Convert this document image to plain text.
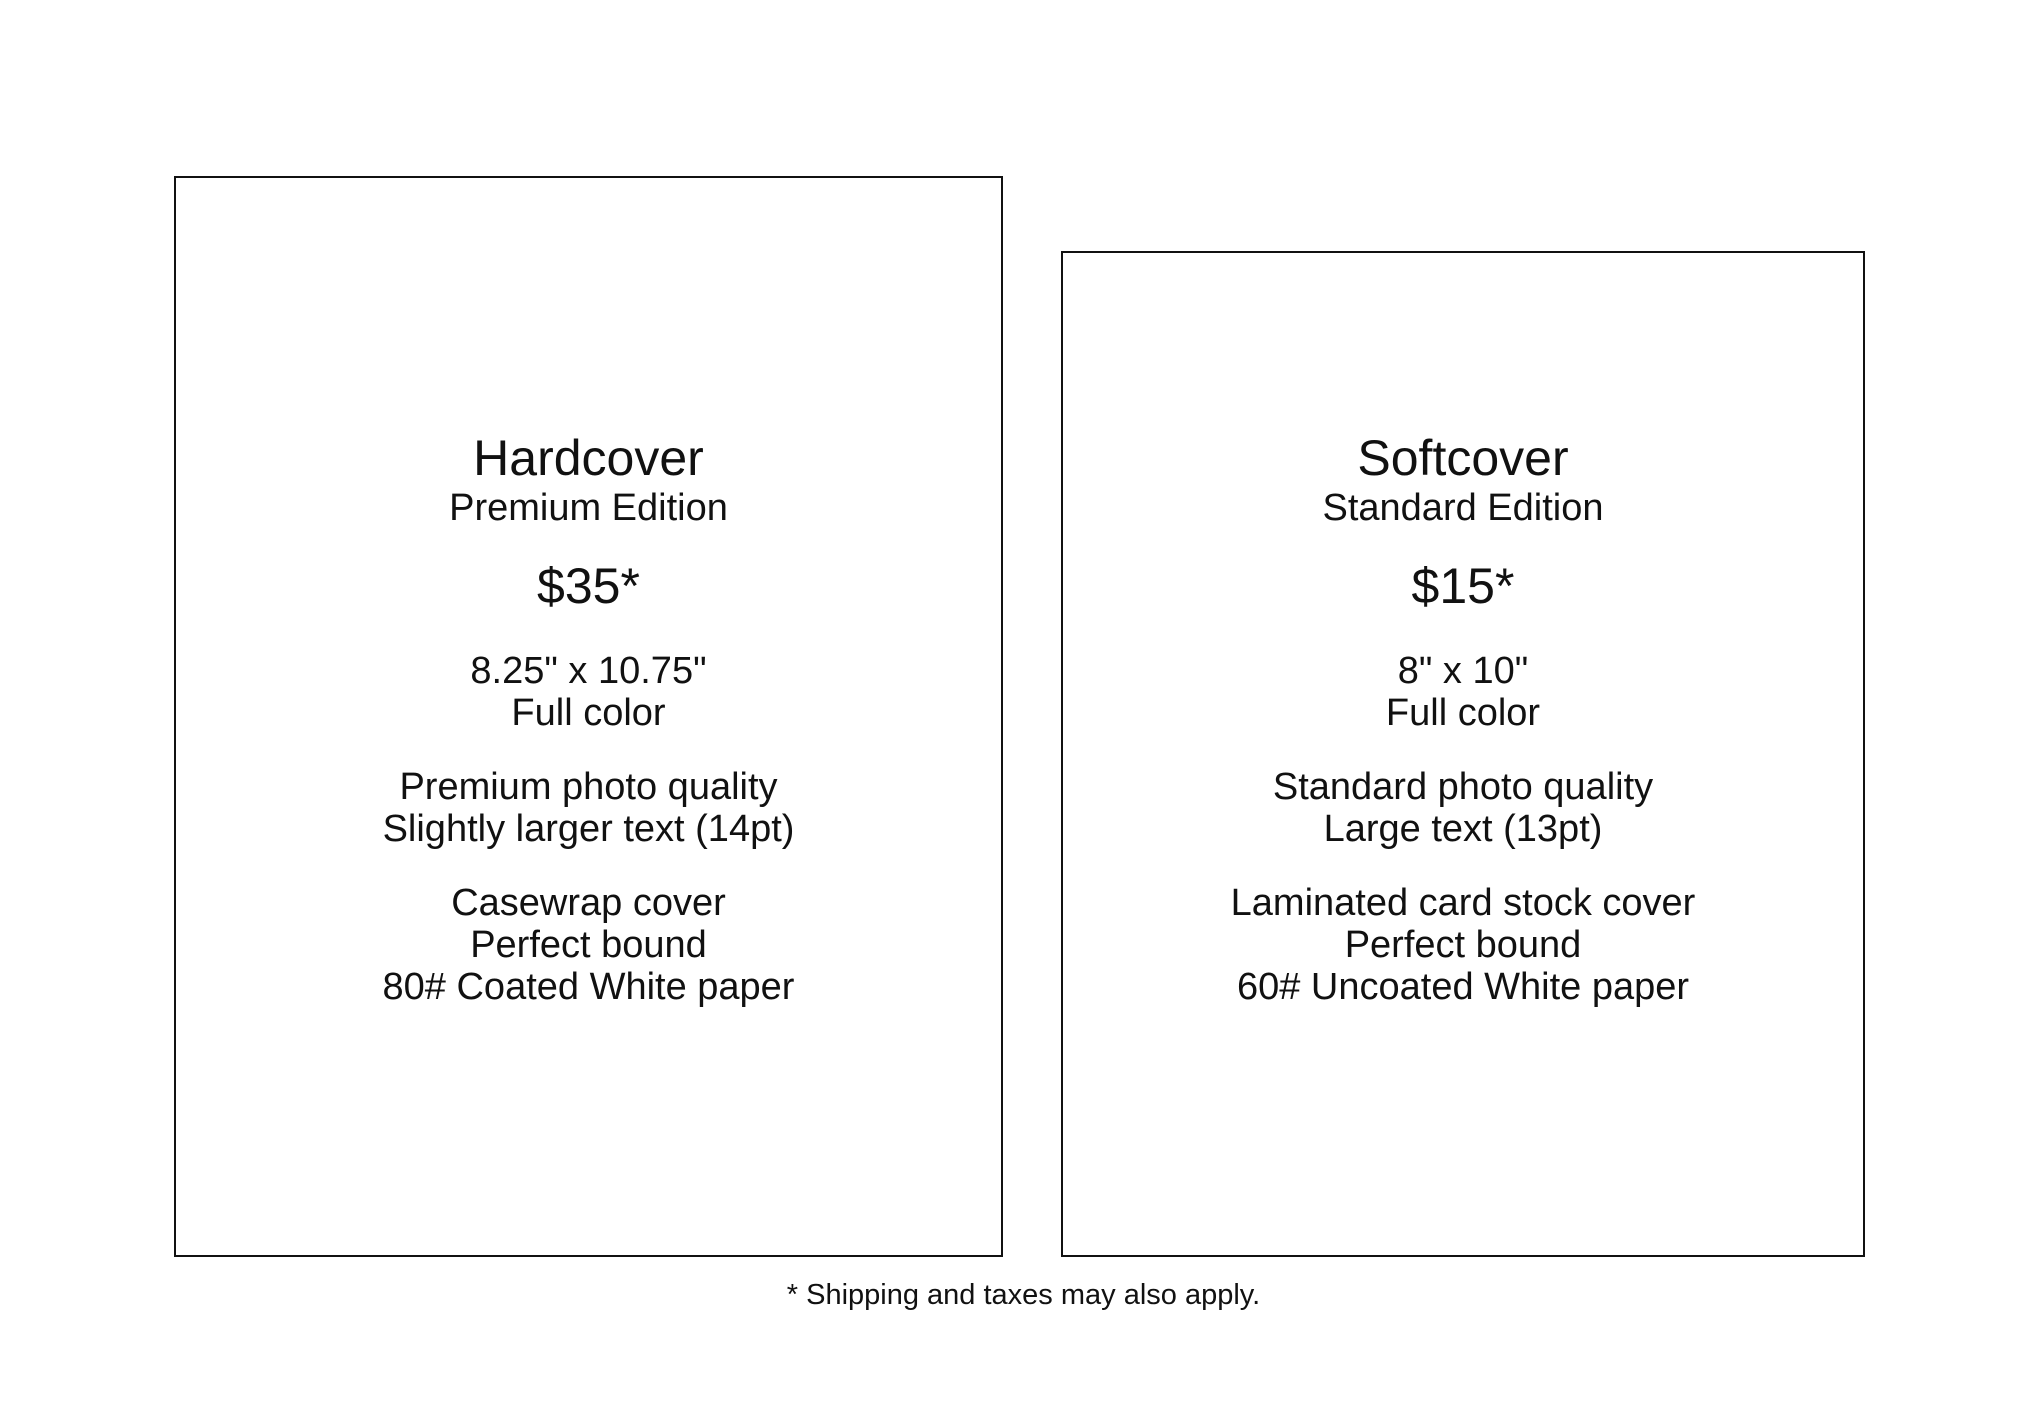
Hardcover
Premium Edition
$35*
8.25" x 10.75"
Full color
Premium photo quality
Slightly larger text (14pt)
Casewrap cover
Perfect bound
80# Coated White paper
Softcover
Standard Edition
$15*
8" x 10"
Full color
Standard photo quality
Large text (13pt)
Laminated card stock cover
Perfect bound
60# Uncoated White paper
* Shipping and taxes may also apply.
